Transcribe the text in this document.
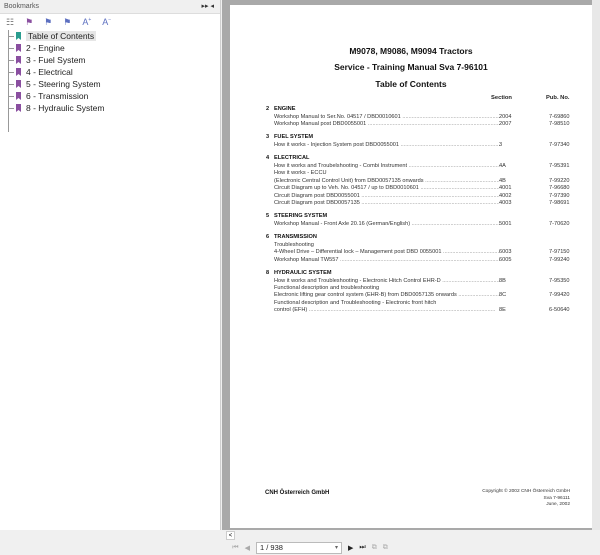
Bookmarks	▸▸ ◂
☷ ⚑ ⚑ ⚑ A+ A−
Table of Contents
2 - Engine
3 - Fuel System
4 - Electrical
5 - Steering System
6 - Transmission
8 - Hydraulic System
M9078, M9086, M9094 Tractors
Service - Training Manual Sva 7-96101
Table of Contents
Section	Pub. No.
2 ENGINE
Workshop Manual to Ser.No. 04517 / DBD0010601 .....	2004	7-69860
Workshop Manual post DBD0055001 .....	2007	7-98510
3 FUEL SYSTEM
How it works - Injection System post DBD0055001 .....	3	7-97340
4 ELECTRICAL
How it works and Troubelshooting - Combi Instrument .....	4A	7-95391
How it works - ECCU
(Electronic Central Control Unit) from DBD0057135 onwards .....	4B	7-99220
Circuit Diagram up to Veh. No. 04517 / up to DBD0010601 .....	4001	7-96680
Circuit Diagram post DBD0055001 .....	4002	7-97390
Circuit Diagram post DBD0057135 .....	4003	7-98691
5 STEERING SYSTEM
Workshop Manual - Front Axle 20.16 (German/English) .....	5001	7-70620
6 TRANSMISSION
Troubleshooting
4-Wheel Drive – Differential lock – Management post DBD 0055001 .....	6003	7-97150
Workshop Manual TW557 .....	6005	7-99240
8 HYDRAULIC SYSTEM
How it works and Troubleshooting - Electronic Hitch Control EHR-D .....	8B	7-95350
Functional description and troubleshooting
Electronic lifting gear control system (EHR-B) from DBD0057135 onwards .....	8C	7-99420
Functional description and Troubleshooting - Electronic front hitch
control (EFH) .....	8E	6-50640
CNH Österreich GmbH	Copyright © 2002 CNH Österreich GmbH
Sva 7-96111
June, 2002
<
⏮ ◀	1 / 938 ▾	▶ ⏭ ⧉ ⧉
